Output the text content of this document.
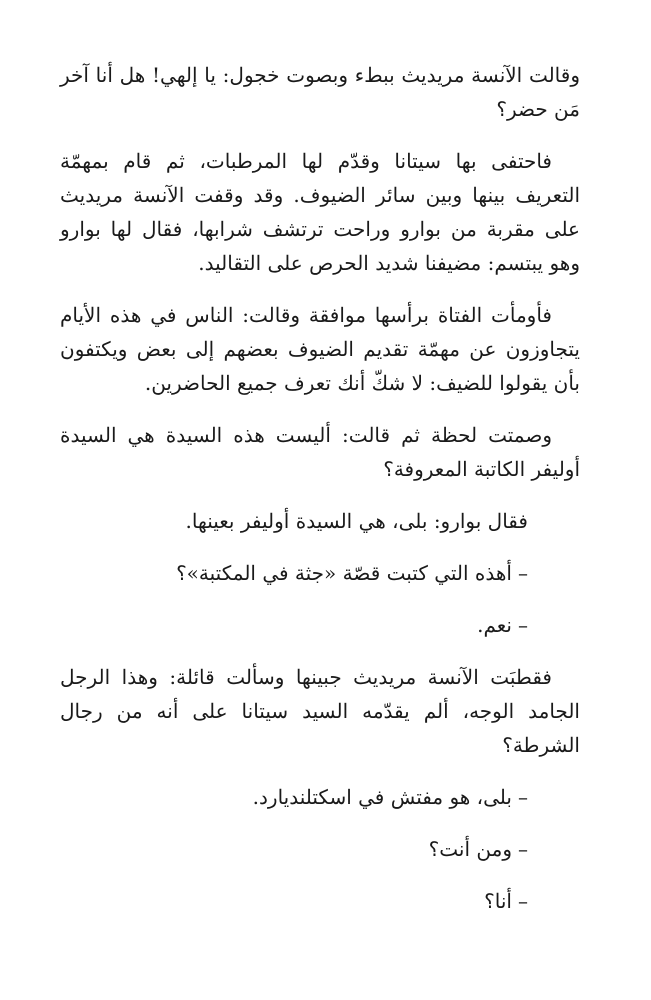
وقالت الآنسة مريديث ببطء وبصوت خجول: يا إلهي! هل أنا آخر مَن حضر؟

فاحتفى بها سيتانا وقدّم لها المرطبات، ثم قام بمهمّة التعريف بينها وبين سائر الضيوف. وقد وقفت الآنسة مريديث على مقربة من بوارو وراحت ترتشف شرابها، فقال لها بوارو وهو يبتسم: مضيفنا شديد الحرص على التقاليد.

فأومأت الفتاة برأسها موافقة وقالت: الناس في هذه الأيام يتجاوزون عن مهمّة تقديم الضيوف بعضهم إلى بعض ويكتفون بأن يقولوا للضيف: لا شكّ أنك تعرف جميع الحاضرين.

وصمتت لحظة ثم قالت: أليست هذه السيدة هي السيدة أوليفر الكاتبة المعروفة؟

فقال بوارو: بلى، هي السيدة أوليفر بعينها.

–أهذه التي كتبت قصّة «جثة في المكتبة»؟

–نعم.

فقطبَت الآنسة مريديث جبينها وسألت قائلة: وهذا الرجل الجامد الوجه، ألم يقدّمه السيد سيتانا على أنه من رجال الشرطة؟

–بلى، هو مفتش في اسكتلنديارد.

–ومن أنت؟

–أنا؟
